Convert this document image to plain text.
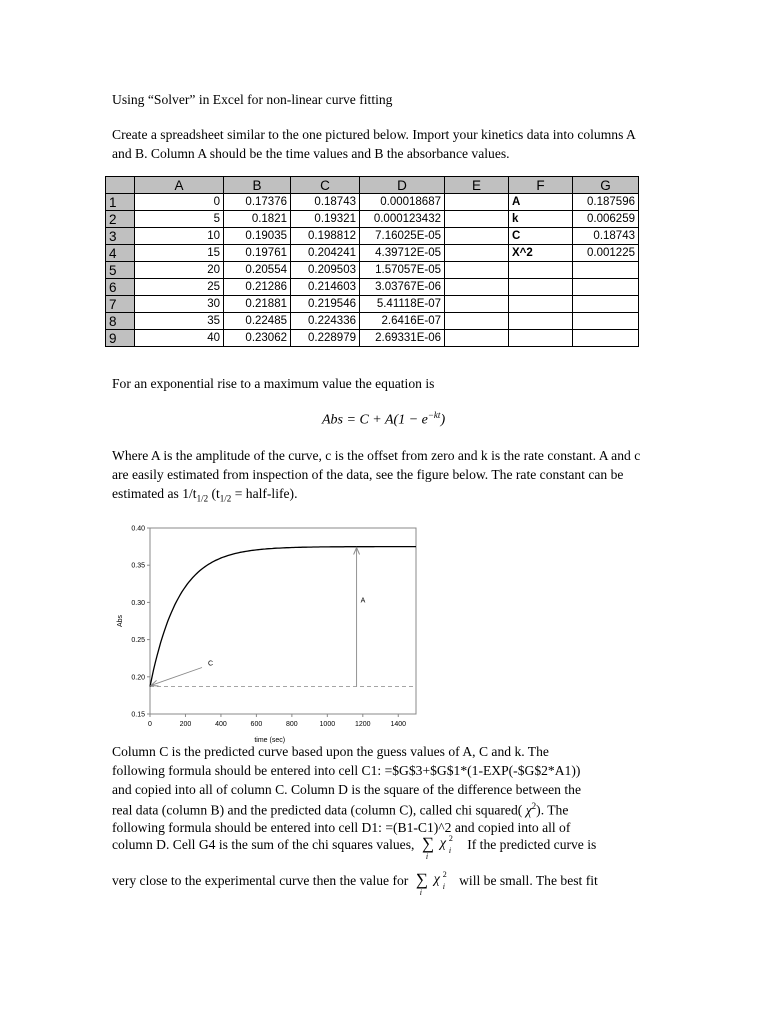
Using “Solver” in Excel for non-linear curve fitting

Create a spreadsheet similar to the one pictured below. Import your kinetics data into columns A and B. Column A should be the time values and B the absorbance values.

	A	B	C	D	E	F	G
1	0	0.17376	0.18743	0.00018687		A	0.187596
2	5	0.1821	0.19321	0.000123432		k	0.006259
3	10	0.19035	0.198812	7.16025E-05		C	0.18743
4	15	0.19761	0.204241	4.39712E-05		X^2	0.001225
5	20	0.20554	0.209503	1.57057E-05			
6	25	0.21286	0.214603	3.03767E-06			
7	30	0.21881	0.219546	5.41118E-07			
8	35	0.22485	0.224336	2.6416E-07			
9	40	0.23062	0.228979	2.69331E-06			

For an exponential rise to a maximum value the equation is

Abs = $C + A(1 - e^{-kt})$

Where A is the amplitude of the curve, c is the offset from zero and k is the rate constant. A and c are easily estimated from inspection of the data, see the figure below. The rate constant can be estimated as $1/t_{1/2}$ ($t_{1/2}$ = half-life).

0	200	400	600	800	1000	1200	1400
0.15
0.20
0.25
0.30
0.35
0.40
time (sec)
Abs
A
C
Column C is the predicted curve based upon the guess values of A, C and k. The
following formula should be entered into cell C1: =$G$3+$G$1*(1-EXP(-$G$2*A1))
and copied into all of column C. Column D is the square of the difference between the
real data (column B) and the predicted data (column C), called chi squared( $\chi^2$). The
following formula should be entered into cell D1: =(B1-C1)^2 and copied into all of
column D. Cell G4 is the sum of the chi squares values, ∑
i
χ i
2 If the predicted curve is
very close to the experimental curve then the value for ∑
i
χ i
2 will be small. The best fit
